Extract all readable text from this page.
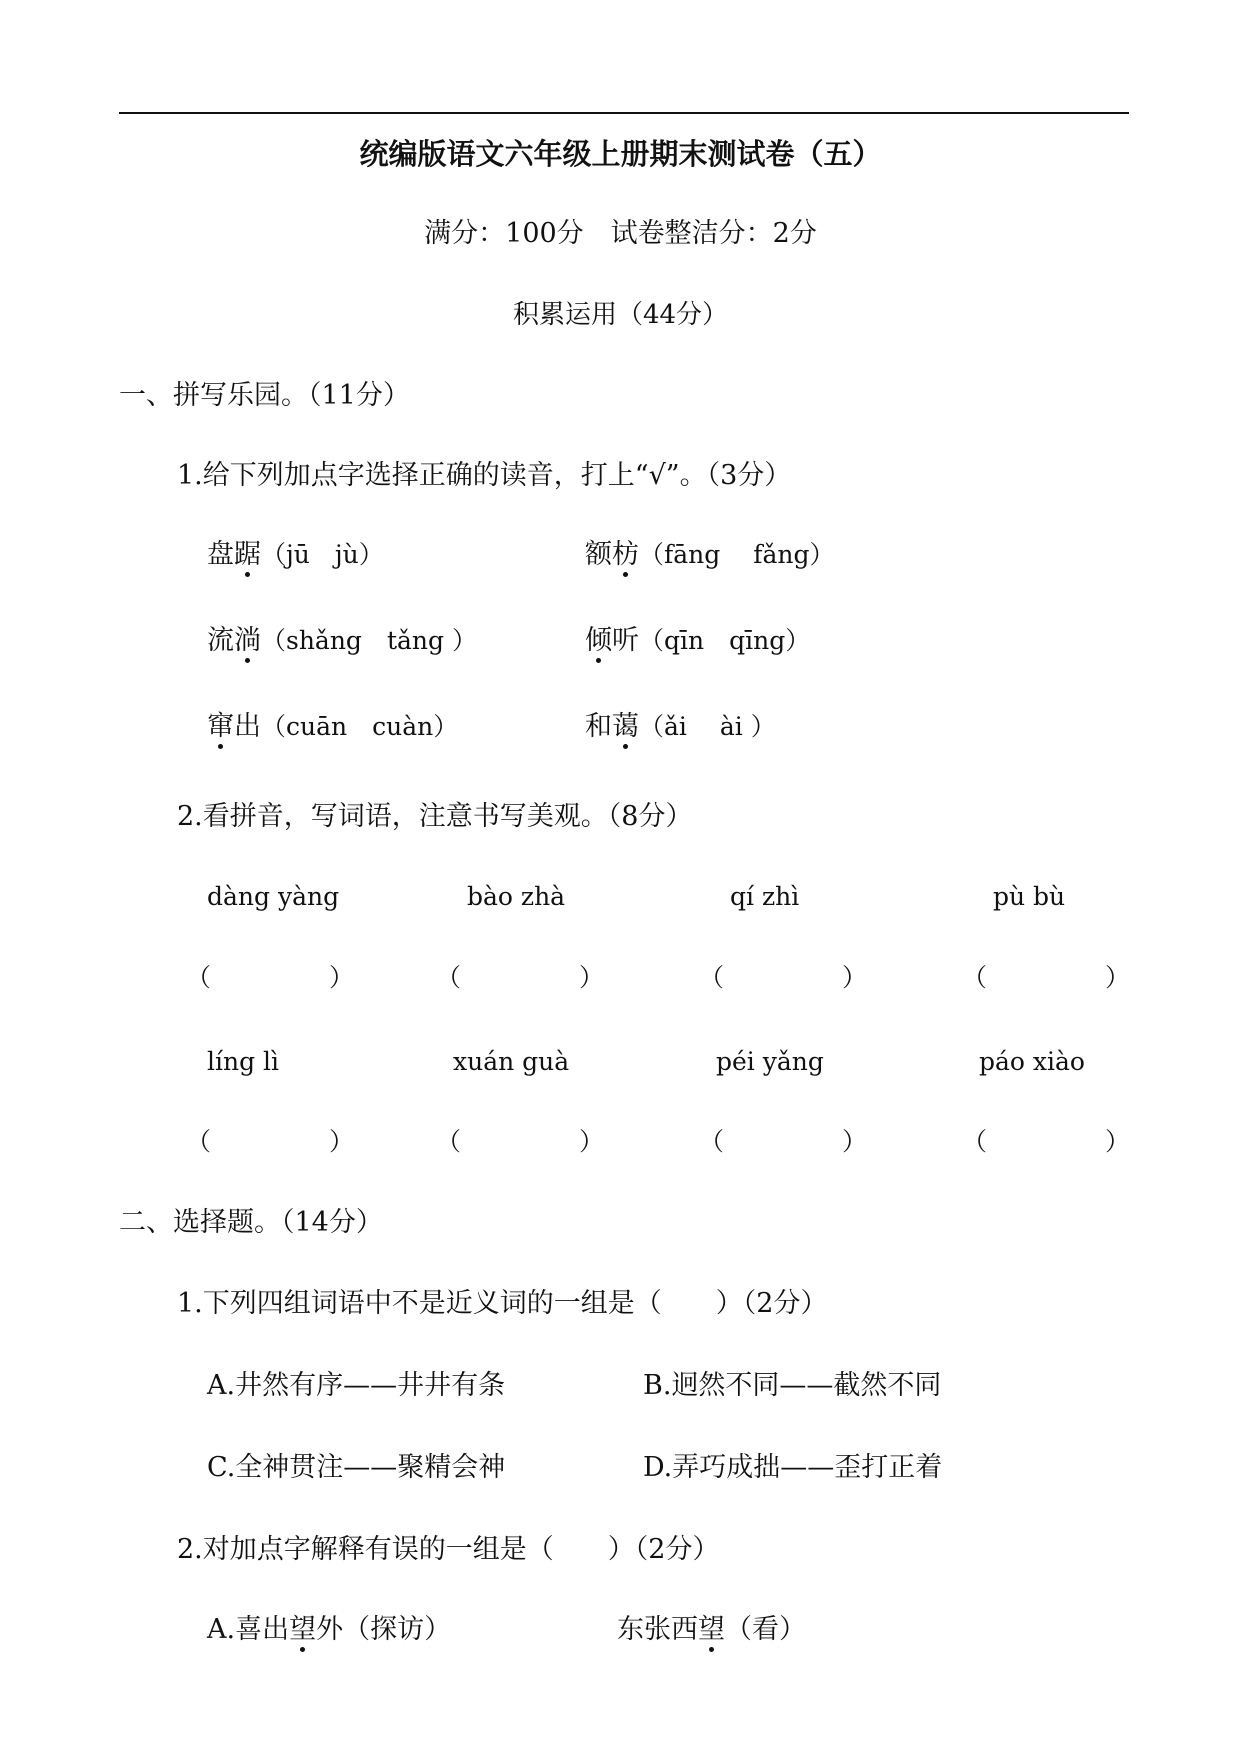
统编版语文六年级上册期末测试卷（五）
满分：100分　试卷整洁分：2分
积累运用（44分）
一、拼写乐园。（11分）
1.给下列加点字选择正确的读音，打上“√”。（3分）
盘踞（jū　jù）	额枋（fāng　 fǎng）
流淌（shǎng　tǎng ）	倾听（qīn　qīng）
窜出（cuān　cuàn）	和蔼（ǎi　 ài ）
2.看拼音，写词语，注意书写美观。（8分）
dàng yàng	bào zhà	qí zhì	pù bù
（	）	（	）	（	）	（	）
líng lì	xuán guà	péi yǎng	páo xiào
（	）	（	）	（	）	（	）
二、选择题。（14分）
1.下列四组词语中不是近义词的一组是（　　）（2分）
A.井然有序——井井有条	B.迥然不同——截然不同
C.全神贯注——聚精会神	D.弄巧成拙——歪打正着
2.对加点字解释有误的一组是（　　）（2分）
A.喜出望外（探访）	东张西望（看）
